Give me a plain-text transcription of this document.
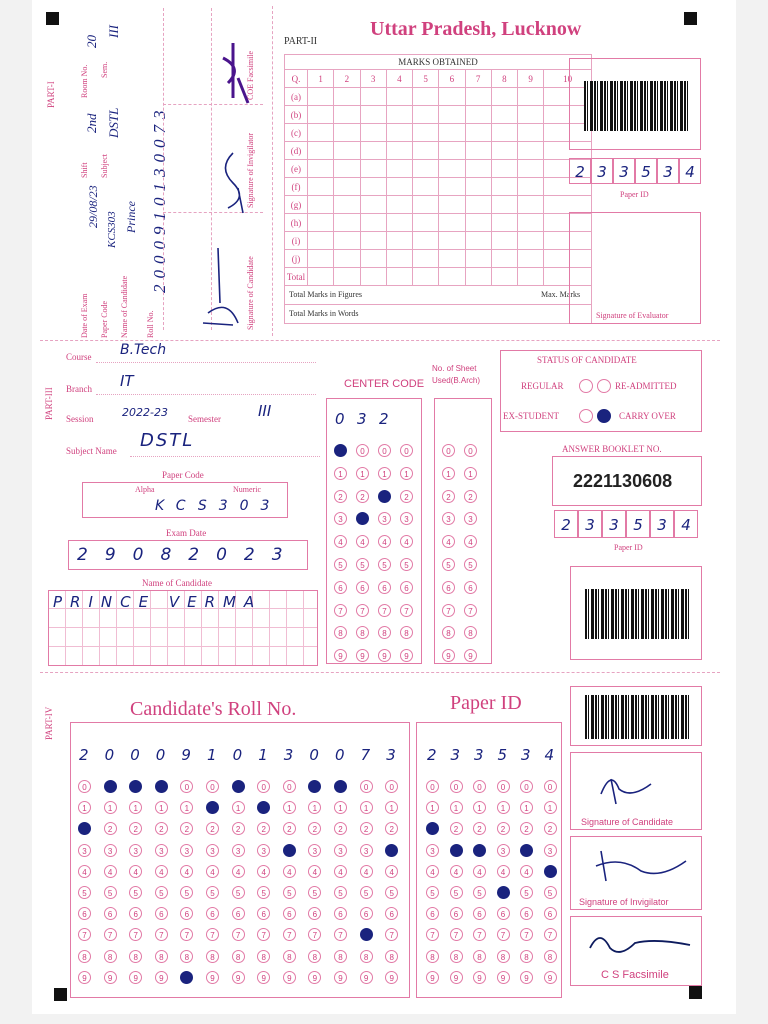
PART-I
Date of Exam
29/08/23
Paper Code
KCS303
Name of Candidate
Prince
Roll No.
2000910130073
Shift
2nd
Subject
DSTL
Room No.
20
Sem.
III
Signature of Candidate
Signature of Invigilator
COE Facsimile
Uttar Pradesh, Lucknow
PART-II
MARKS OBTAINED
Q.	1	2	3	4	5	6	7	8	9	10
(a)										
(b)										
(c)										
(d)										
(e)										
(f)										
(g)										
(h)										
(i)										
(j)										
Total										
Total Marks in Figures	Max. Marks
Total Marks in Words
2 3 3 5 3 4
Paper ID
Signature of Evaluator
PART-III
Course B.Tech
Branch IT
Session	2022-23 Semester III
Subject Name DSTL
Paper Code
Alpha	Numeric
KCS303
Exam Date
29082023
Name of Candidate
PRINCE VERMA
CENTER CODE
No. of Sheet
Used(B.Arch)
STATUS OF CANDIDATE
REGULAR	RE-ADMITTED
EX-STUDENT	CARRY OVER
ANSWER BOOKLET NO.
2221130608
2 3 3 5 3 4
Paper ID
PART-IV	Candidate's Roll No.	Paper ID
Signature of Candidate
Signature of Invigilator
C S Facsimile
0
1
2
3
4
5
6
7
8
9
3
0
1
2
4
5
6
7
8
9
2
0
1
3
4
5
6
7
8
9
0
1
2
3
4
5
6
7
8
9
0
1
2
3
4
5
6
7
8
9
0
1
2
3
4
5
6
7
8
9
2
0
1
3
4
5
6
7
8
9
0
1
2
3
4
5
6
7
8
9
0
1
2
3
4
5
6
7
8
9
0
1
2
3
4
5
6
7
8
9
9
0
1
2
3
4
5
6
7
8
1
0
2
3
4
5
6
7
8
9
0
1
2
3
4
5
6
7
8
9
1
0
2
3
4
5
6
7
8
9
3
0
1
2
4
5
6
7
8
9
0
1
2
3
4
5
6
7
8
9
0
1
2
3
4
5
6
7
8
9
7
0
1
2
3
4
5
6
8
9
3
0
1
2
4
5
6
7
8
9
2
0
1
3
4
5
6
7
8
9
3
0
1
2
4
5
6
7
8
9
3
0
1
2
4
5
6
7
8
9
5
0
1
2
3
4
6
7
8
9
3
0
1
2
4
5
6
7
8
9
4
0
1
2
3
5
6
7
8
9
